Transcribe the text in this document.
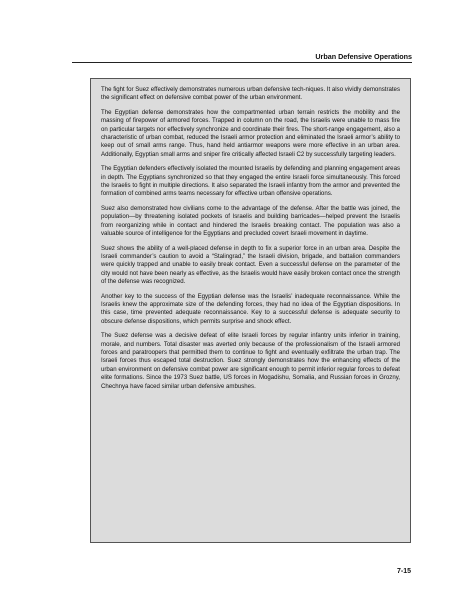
Urban Defensive Operations

The fight for Suez effectively demonstrates numerous urban defensive tech-niques. It also vividly demonstrates the significant effect on defensive combat power of the urban environment.

The Egyptian defense demonstrates how the compartmented urban terrain restricts the mobility and the massing of firepower of armored forces. Trapped in column on the road, the Israelis were unable to mass fire on particular targets nor effectively synchronize and coordinate their fires. The short-range engagement, also a characteristic of urban combat, reduced the Israeli armor protection and eliminated the Israeli armor’s ability to keep out of small arms range. Thus, hand held antiarmor weapons were more effective in an urban area. Additionally, Egyptian small arms and sniper fire critically affected Israeli C2 by successfully targeting leaders.

The Egyptian defenders effectively isolated the mounted Israelis by defending and planning engagement areas in depth. The Egyptians synchronized so that they engaged the entire Israeli force simultaneously. This forced the Israelis to fight in multiple directions. It also separated the Israeli infantry from the armor and prevented the formation of combined arms teams necessary for effective urban offensive operations.

Suez also demonstrated how civilians come to the advantage of the defense. After the battle was joined, the population—by threatening isolated pockets of Israelis and building barricades—helped prevent the Israelis from reorganizing while in contact and hindered the Israelis breaking contact. The population was also a valuable source of intelligence for the Egyptians and precluded covert Israeli movement in daytime.

Suez shows the ability of a well-placed defense in depth to fix a superior force in an urban area. Despite the Israeli commander’s caution to avoid a “Stalingrad,” the Israeli division, brigade, and battalion commanders were quickly trapped and unable to easily break contact. Even a successful defense on the parameter of the city would not have been nearly as effective, as the Israelis would have easily broken contact once the strength of the defense was recognized.

Another key to the success of the Egyptian defense was the Israelis’ inadequate reconnaissance. While the Israelis knew the approximate size of the defending forces, they had no idea of the Egyptian dispositions. In this case, time prevented adequate reconnaissance. Key to a successful defense is adequate security to obscure defense dispositions, which permits surprise and shock effect.

The Suez defense was a decisive defeat of elite Israeli forces by regular infantry units inferior in training, morale, and numbers. Total disaster was averted only because of the professionalism of the Israeli armored forces and paratroopers that permitted them to continue to fight and eventually exfiltrate the urban trap. The Israeli forces thus escaped total destruction. Suez strongly demonstrates how the enhancing effects of the urban environment on defensive combat power are significant enough to permit inferior regular forces to defeat elite formations. Since the 1973 Suez battle, US forces in Mogadishu, Somalia, and Russian forces in Grozny, Chechnya have faced similar urban defensive ambushes.

7-15
